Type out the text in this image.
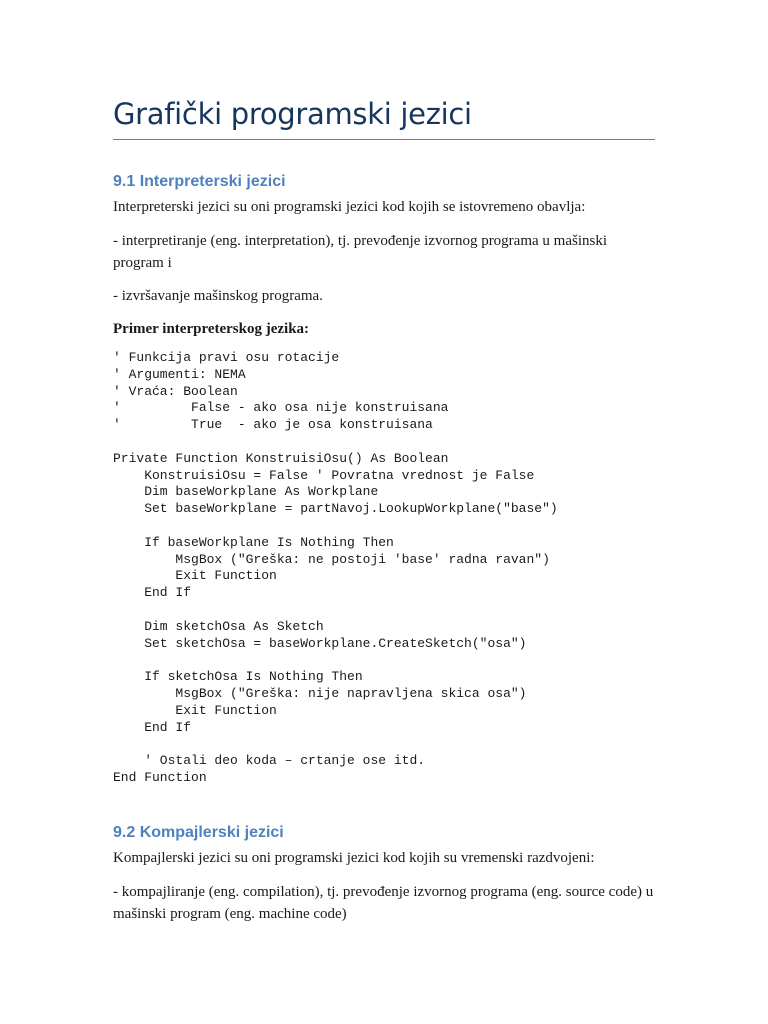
Grafički programski jezici
9.1 Interpreterski jezici

Interpreterski jezici su oni programski jezici kod kojih se istovremeno obavlja:

- interpretiranje (eng. interpretation), tj. prevođenje izvornog programa u mašinski program i

- izvršavanje mašinskog programa.

Primer interpreterskog jezika:

' Funkcija pravi osu rotacije
' Argumenti: NEMA
' Vraća: Boolean
'         False - ako osa nije konstruisana
'         True  - ako je osa konstruisana
Private Function KonstruisiOsu() As Boolean
KonstruisiOsu = False ' Povratna vrednost je False
Dim baseWorkplane As Workplane
Set baseWorkplane = partNavoj.LookupWorkplane("base")
If baseWorkplane Is Nothing Then
MsgBox ("Greška: ne postoji 'base' radna ravan")
Exit Function
End If
Dim sketchOsa As Sketch
Set sketchOsa = baseWorkplane.CreateSketch("osa")
If sketchOsa Is Nothing Then
MsgBox ("Greška: nije napravljena skica osa")
Exit Function
End If
' Ostali deo koda – crtanje ose itd.
End Function
9.2 Kompajlerski jezici

Kompajlerski jezici su oni programski jezici kod kojih su vremenski razdvojeni:

- kompajliranje (eng. compilation), tj. prevođenje izvornog programa (eng. source code) u mašinski program (eng. machine code)
